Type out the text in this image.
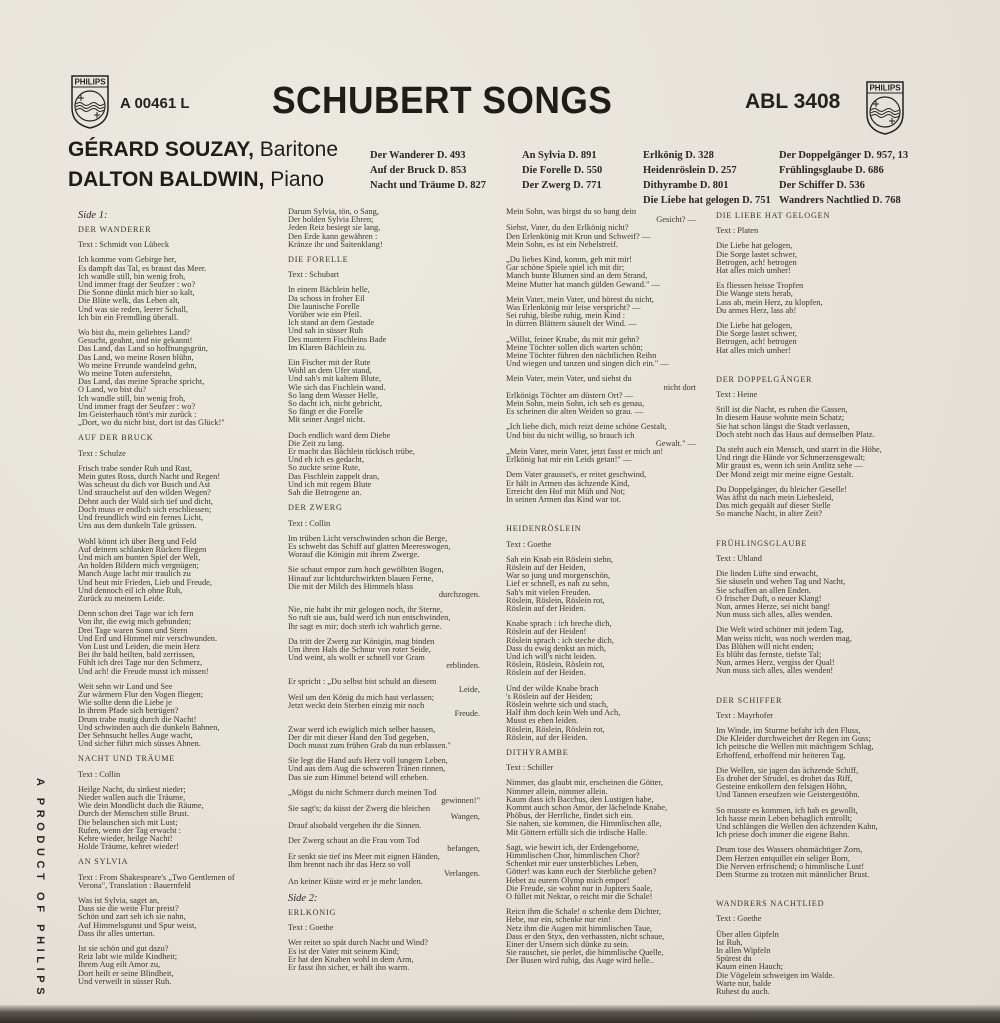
PHILIPS
A 00461 L SCHUBERT SONGS	ABL 3408
PHILIPS
GÉRARD SOUZAY, Baritone
DALTON BALDWIN, Piano
Der Wanderer D. 493
Auf der Bruck D. 853
Nacht und Träume D. 827
An Sylvia D. 891
Die Forelle D. 550
Der Zwerg D. 771
Erlkönig D. 328
Heidenröslein D. 257
Dithyrambe D. 801
Die Liebe hat gelogen D. 751
Der Doppelgänger D. 957, 13
Frühlingsglaube D. 686
Der Schiffer D. 536
Wandrers Nachtlied D. 768
A PRODUCT OF PHILIPS
Side 1:
DER WANDERER
Text : Schmidt von Lübeck
Ich komme vom Gebirge her,
Es dampft das Tal, es braust das Meer.
Ich wandle still, bin wenig froh,
Und immer fragt der Seufzer : wo?
Die Sonne dünkt mich hier so kalt,
Die Blüte welk, das Leben alt,
Und was sie reden, leerer Schall,
Ich bin ein Fremdling überall.
Wo bist du, mein geliebtes Land?
Gesucht, geahnt, und nie gekannt!
Das Land, das Land so hoffnungsgrün,
Das Land, wo meine Rosen blühn,
Wo meine Freunde wandelnd gehn,
Wo meine Toten auferstehn,
Das Land, das meine Sprache spricht,
O Land, wo bist du?
Ich wandle still, bin wenig froh,
Und immer fragt der Seufzer : wo?
Im Geisterhauch tönt's mir zurück :
„Dort, wo du nicht bist, dort ist das Glück!"
AUF DER BRUCK
Text : Schulze
Frisch trabe sonder Ruh und Rast,
Mein gutes Ross, durch Nacht und Regen!
Was scheust du dich vor Busch und Ast
Und strauchelst auf den wilden Wegen?
Dehnt auch der Wald sich tief und dicht,
Doch muss er endlich sich erschliessen;
Und freundlich wird ein fernes Licht,
Uns aus dem dunkeln Tale grüssen.
Wohl könnt ich über Berg und Feld
Auf deinem schlanken Rücken fliegen
Und mich am bunten Spiel der Welt,
An holden Bildern mich vergnügen;
Manch Auge lacht mir traulich zu
Und beut mir Frieden, Lieb und Freude,
Und dennoch eil ich ohne Ruh,
Zurück zu meinem Leide.
Denn schon drei Tage war ich fern
Von ihr, die ewig mich gebunden;
Drei Tage waren Sonn und Stern
Und Erd und Himmel mir verschwunden.
Von Lust und Leiden, die mein Herz
Bei ihr bald heilten, bald zerrissen,
Fühlt ich drei Tage nur den Schmerz,
Und ach! die Freude musst ich missen!
Weit sehn wir Land und See
Zur wärmern Flur den Vogen fliegen;
Wie sollte denn die Liebe je
In ihrem Pfade sich betrügen?
Drum trabe mutig durch die Nacht!
Und schwinden auch die dunkeln Bahnen,
Der Sehnsucht helles Auge wacht,
Und sicher führt mich süsses Ahnen.
NACHT UND TRÄUME
Text : Collin
Heilge Nacht, du sinkest nieder;
Nieder wallen auch die Träume,
Wie dein Mondlicht duch die Räume,
Durch der Menschen stille Brust.
Die belauschen sich mit Lust;
Rufen, wenn der Tag erwacht :
Kehre wieder, heilge Nacht!
Holde Träume, kehret wieder!
AN SYLVIA
Text : From Shakespeare's „Two Gentlemen of
Verona", Translation : Bauernfeld
Was ist Sylvia, saget an,
Dass sie die weite Flur preist?
Schön und zart seh ich sie nahn,
Auf Himmelsgunst und Spur weist,
Dass ihr alles untertan.
Ist sie schön und gut dazu?
Reiz labt wie milde Kindheit;
Ihrem Aug eilt Amor zu,
Dort heilt er seine Blindheit,
Und verweilt in süsser Ruh.
Darum Sylvia, tön, o Sang,
Der holden Sylvia Ehren;
Jeden Reiz besiegt sie lang,
Den Erde kann gewähren :
Kränze ihr und Saitenklang!
DIE FORELLE
Text : Schubart
In einem Bächlein helle,
Da schoss in froher Eil
Die launische Forelle
Vorüber wie ein Pfeil.
Ich stand an dem Gestade
Und sah in süsser Ruh
Des muntern Fischleins Bade
Im Klaren Bächlein zu.
Ein Fischer mit der Rute
Wohl an dem Ufer stand,
Und sah's mit kaltem Blute,
Wie sich das Fischlein wand.
So lang dem Wasser Helle,
So dacht ich, nicht gebricht,
So fängt er die Forelle
Mit seiner Angel nicht.
Doch endlich ward dem Diebe
Die Zeit zu lang.
Er macht das Bächlein tückisch trübe,
Und eh ich es gedacht,
So zuckte seine Rute,
Das Fischlein zappelt dran,
Und ich mit regem Blute
Sah die Betrogene an.
DER ZWERG
Text : Collin
Im trüben Licht verschwinden schon die Berge,
Es schwebt das Schiff auf glatten Meereswogen,
Worauf die Königin mit ihrem Zwerge.
Sie schaut empor zum hoch gewölbten Bogen,
Hinauf zur lichtdurchwirkten blauen Ferne,
Die mit der Milch des Himmels blass
durchzogen.
Nie, nie habt ihr mir gelogen noch, ihr Sterne,
So ruft sie aus, bald werd ich nun entschwinden,
Ihr sagt es mir; doch sterb ich wahrlich gerne.
Da tritt der Zwerg zur Königin, mag binden
Um ihren Hals die Schnur von roter Seide,
Und weint, als wollt er schnell vor Gram
erblinden.
Er spricht : „Du selbst bist schuld an diesem
Leide,
Weil um den König du mich hast verlassen;
Jetzt weckt dein Sterben einzig mir noch
Freude.
Zwar werd ich ewiglich mich selber hassen,
Der dir mit dieser Hand den Tod gegeben,
Doch musst zum frühen Grab du nun erblassen."
Sie legt die Hand aufs Herz voll jungem Leben,
Und aus dem Aug die schweren Tränen rinnen,
Das sie zum Himmel betend will erheben.
„Mögst du nicht Schmerz durch meinen Tod
gewinnen!"
Sie sagt's; da küsst der Zwerg die bleichen
Wangen,
Drauf alsobald vergehen ihr die Sinnen.
Der Zwerg schaut an die Frau vom Tod
befangen,
Er senkt sie tief ins Meer mit eignen Händen,
Ihm brennt nach ihr das Herz so voll
Verlangen.
An keiner Küste wird er je mehr landen.
Side 2:
ERLKONIG
Text : Goethe
Wer reitet so spät durch Nacht und Wind?
Es ist der Vater mit seinem Kind;
Er hat den Knaben wohl in dem Arm,
Er fasst ihn sicher, er hält ihn warm.
Mein Sohn, was birgst du so bang dein
Gesicht? —
Siehst, Vater, du den Erlkönig nicht?
Den Erlenkönig mit Kron und Schweif? —
Mein Sohn, es ist ein Nebelstreif.
„Du liebes Kind, komm, geh mit mir!
Gar schöne Spiele spiel ich mit dir;
Manch bunte Blumen sind an dem Strand,
Meine Mutter hat manch gülden Gewand." —
Mein Vater, mein Vater, und hörest du nicht,
Was Erlenkönig mir leise verspricht? —
Sei ruhig, bleibe ruhig, mein Kind :
In dürren Blättern säuselt der Wind. —
„Willst, feiner Knabe, du mit mir gehn?
Meine Töchter sollen dich warten schön;
Meine Töchter führen den nächtlichen Reihn
Und wiegen und tanzen und singen dich ein." —
Mein Vater, mein Vater, und siehst du
nicht dort
Erlkönigs Töchter am düstern Ort? —
Mein Sohn, mein Sohn, ich seh es genau,
Es scheinen die alten Weiden so grau. —
„Ich liebe dich, mich reizt deine schöne Gestalt,
Und bist du nicht willig, so brauch ich
Gewalt." —
„Mein Vater, mein Vater, jetzt fasst er mich an!
Erlkönig hat mir ein Leids getan!" —
Dem Vater grausset's, er reitet geschwind,
Er hält in Armen das ächzende Kind,
Erreicht den Hof mit Müh und Not;
In seinen Armen das Kind war tot.
HEIDENRÖSLEIN
Text : Goethe
Sah ein Knab ein Röslein stehn,
Röslein auf der Heiden,
War so jung und morgenschön,
Lief er schnell, es nah zu sehn,
Sah's mit vielen Freuden.
Röslein, Röslein, Röslein rot,
Röslein auf der Heiden.
Knabe sprach : ich breche dich,
Röslein auf der Heiden!
Röslein sprach : ich steche dich,
Dass du ewig denkst an mich,
Und ich will's nicht leiden.
Röslein, Röslein, Röslein rot,
Röslein auf der Heiden.
Und der wilde Knabe brach
's Röslein auf der Heiden;
Röslein wehrte sich und stach,
Half ihm doch kein Weh und Ach,
Musst es eben leiden.
Röslein, Röslein, Röslein rot,
Röslein, auf der Heiden.
DITHYRAMBE
Text : Schiller
Nimmer, das glaubt mir, erscheinen die Götter,
Nimmer allein, nimmer allein.
Kaum dass ich Bacchus, den Lustigen habe,
Kommt auch schon Amor, der lächelnde Knabe,
Phöbus, der Herrliche, findet sich ein.
Sie nahen, sie kommen, die Himmlischen alle,
Mit Göttern erfüllt sich die irdische Halle.
Sagt, wie bewirt ich, der Erdengeborne,
Himmlischen Chor, himmlischen Chor?
Schenket mir euer unsterbliches Leben,
Götter! was kann euch der Sterbliche geben?
Hebet zu eurem Olymp mich empor!
Die Freude, sie wohnt nur in Jupiters Saale,
O füllet mit Nektar, o reicht mir die Schale!
Reicn ihm die Schale! o schenke dem Dichter,
Hebe, nur ein, schenke nur ein!
Netz ihm die Augen mit himmlischen Taue,
Dass er den Styx, den verhassten, nicht schaue,
Einer der Unsern sich dünke zu sein.
Sie rauschet, sie perlet, die himmlische Quelle,
Der Busen wird ruhig, das Auge wird helle..
DIE LIEBE HAT GELOGEN
Text : Platen
Die Liebe hat gelogen,
Die Sorge lastet schwer,
Betrogen, ach! betrogen
Hat alles mich umher!
Es fliessen heisse Tropfen
Die Wange stets herab,
Lass ab, mein Herz, zu klopfen,
Du armes Herz, lass ab!
Die Liebe hat gelogen,
Die Sorge lastet schwer,
Betrogen, ach! betrogen
Hat alles mich umher!
DER DOPPELGÄNGER
Text : Heine
Still ist die Nacht, es ruhen die Gassen,
In diesem Hause wohnte mein Schatz;
Sie hat schon längst die Stadt verlassen,
Doch steht noch das Haus auf demselben Platz.
Da steht auch ein Mensch, und starrt in die Höhe,
Und ringt die Hände vor Schmerzensgewalt;
Mir graust es, wenn ich sein Antlitz sehe —
Der Mond zeigt mir meine eigne Gestalt.
Du Doppelgänger, du bleicher Geselle!
Was äffst du nach mein Liebesleid,
Das mich gequält auf dieser Stelle
So manche Nacht, in alter Zeit?
FRÜHLINGSGLAUBE
Text : Uhland
Die linden Lüfte sind erwacht,
Sie säuseln und wehen Tag und Nacht,
Sie schaffen an allen Enden.
O frischer Duft, o neuer Klang!
Nun, armes Herze, sei nicht bang!
Nun muss sich alles, alles wenden.
Die Welt wird schöner mit jedem Tag,
Man weiss nicht, was noch werden mag,
Das Blühen will nicht enden;
Es blüht das fernste, tiefste Tal;
Nun, armes Herz, vergiss der Qual!
Nun muss sich alles, alles wenden!
DER SCHIFFER
Text : Mayrhofer
Im Winde, im Sturme befahr ich den Fluss,
Die Kleider durchweichet der Regen im Guss;
Ich peitsche die Wellen mit mächtigem Schlag,
Erhoffend, erhoffend mir heiteren Tag.
Die Wellen, sie jagen das ächzende Schiff,
Es drohet der Strudel, es drohet das Riff,
Gesteine entkollern den felsigen Höhn,
Und Tannen erseufzen wie Geistergestöhn.
So musste es kommen, ich hab es gewollt,
Ich hasse mein Leben behaglich entrollt;
Und schlängen die Wellen den ächzenden Kahn,
Ich priese doch immer die eigene Bahn.
Drum tose des Wassers ohnmächtiger Zorn,
Dem Herzen entquillet ein seliger Born,
Die Nerven erfrischend; o himmlische Lust!
Dem Sturme zu trotzen mit männlicher Brust.
WANDRERS NACHTLIED
Text : Goethe
Über allen Gipfeln
Ist Ruh,
In allen Wipfeln
Spürest du
Kaum einen Hauch;
Die Vögelein schweigen im Walde.
Warte nur, balde
Ruhest du auch.
